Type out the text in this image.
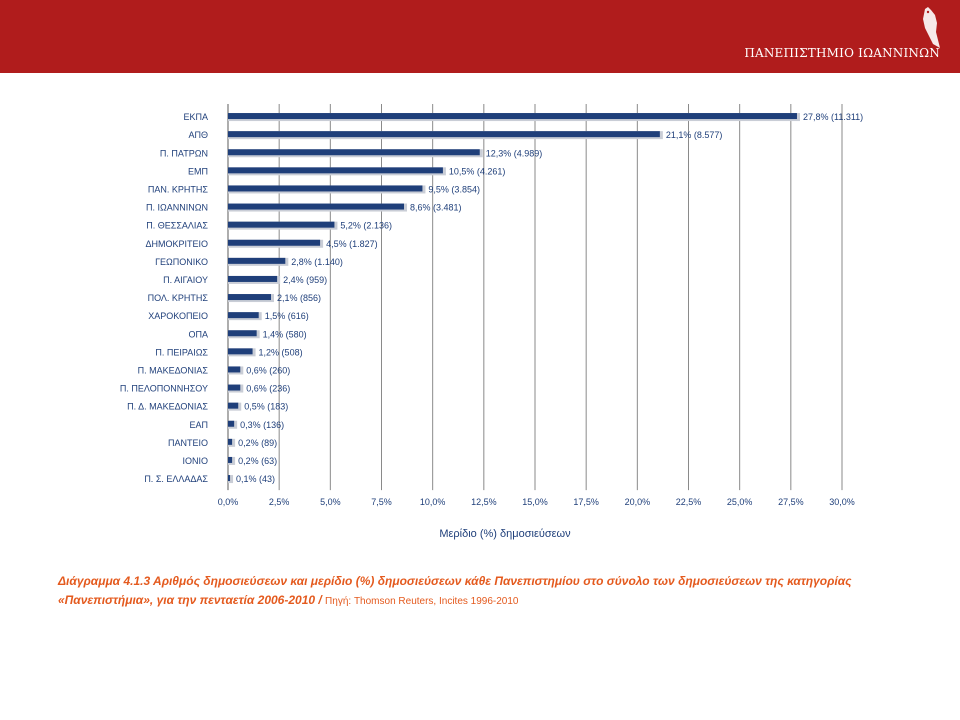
ΠΑΝΕΠΙΣΤΗΜΙΟ ΙΩΑΝΝΙΝΩΝ
ΕΚΠΑ
ΑΠΘ
Π. ΠΑΤΡΩΝ
ΕΜΠ
ΠΑΝ. ΚΡΗΤΗΣ
Π. ΙΩΑΝΝΙΝΩΝ
Π. ΘΕΣΣΑΛΙΑΣ
ΔΗΜΟΚΡΙΤΕΙΟ
ΓΕΩΠΟΝΙΚΟ
Π. ΑΙΓΑΙΟΥ
ΠΟΛ. ΚΡΗΤΗΣ
ΧΑΡΟΚΟΠΕΙΟ
ΟΠΑ
Π. ΠΕΙΡΑΙΩΣ
Π. ΜΑΚΕΔΟΝΙΑΣ
Π. ΠΕΛΟΠΟΝΝΗΣΟΥ
Π. Δ. ΜΑΚΕΔΟΝΙΑΣ
ΕΑΠ
ΠΑΝΤΕΙΟ
ΙΟΝΙΟ
Π. Σ. ΕΛΛΑΔΑΣ
27,8% (11.311)
21,1% (8.577)
12,3% (4.989)
10,5% (4.261)
9,5% (3.854)
8,6% (3.481)
5,2% (2.136)
4,5% (1.827)
2,8% (1.140)
2,4% (959)
2,1% (856)
1,5% (616)
1,4% (580)
1,2% (508)
0,6% (260)
0,6% (236)
0,5% (183)
0,3% (136)
0,2% (89)
0,2% (63)
0,1% (43)
0,0%	2,5%	5,0%	7,5%	10,0%	12,5%	15,0%	17,5%	20,0%	22,5%	25,0%	27,5%	30,0%
Μερίδιο (%) δημοσιεύσεων
Διάγραμμα 4.1.3 Αριθμός δημοσιεύσεων και μερίδιο (%) δημοσιεύσεων κάθε Πανεπιστημίου στο σύνολο των δημοσιεύσεων της κατηγορίας «Πανεπιστήμια», για την πενταετία 2006-2010 / Πηγή: Thomson Reuters, Incites 1996-2010
